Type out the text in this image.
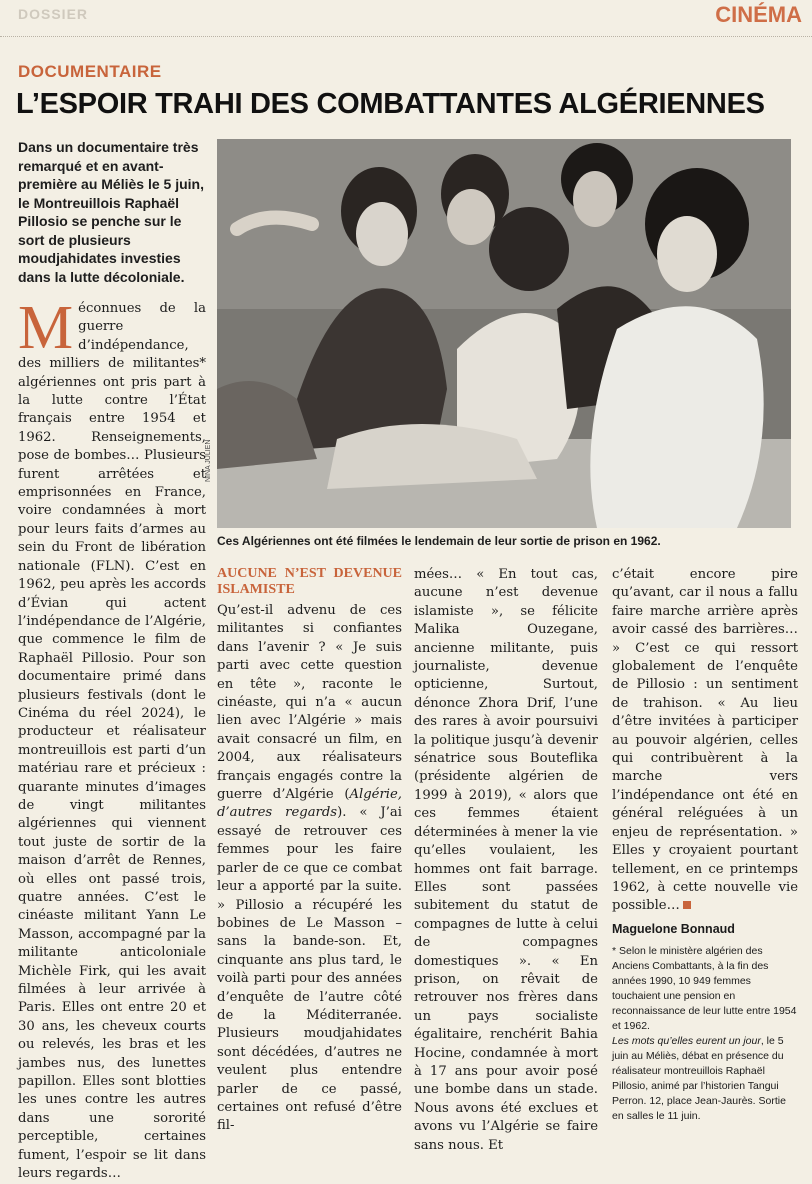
DOSSIER	CINÉMA
DOCUMENTAIRE
L’ESPOIR TRAHI DES COMBATTANTES ALGÉRIENNES
Dans un documentaire très remarqué et en avant-première au Méliès le 5 juin, le Montreuillois Raphaël Pillosio se penche sur le sort de plusieurs moudjahidates investies dans la lutte décoloniale.
NINA JULIEN
Ces Algériennes ont été filmées le lendemain de leur sortie de prison en 1962.
M éconnues de la guerre d’indépendance, des milliers de militantes* algériennes ont pris part à la lutte contre l’État français entre 1954 et 1962. Renseignements, pose de bombes… Plusieurs furent arrêtées et emprisonnées en France, voire condamnées à mort pour leurs faits d’armes au sein du Front de libération nationale (FLN). C’est en 1962, peu après les accords d’Évian qui actent l’indépendance de l’Algérie, que commence le film de Raphaël Pillosio. Pour son documentaire primé dans plusieurs festivals (dont le Cinéma du réel 2024), le producteur et réalisateur montreuillois est parti d’un matériau rare et précieux : quarante minutes d’images de vingt militantes algériennes qui viennent tout juste de sortir de la maison d’arrêt de Rennes, où elles ont passé trois, quatre années. C’est le cinéaste militant Yann Le Masson, accompagné par la militante anticoloniale Michèle Firk, qui les avait filmées à leur arrivée à Paris. Elles ont entre 20 et 30 ans, les cheveux courts ou relevés, les bras et les jambes nus, des lunettes papillon. Elles sont blotties les unes contre les autres dans une sororité perceptible, certaines fument, l’espoir se lit dans leurs regards…
AUCUNE N’EST DEVENUE ISLAMISTE

Qu’est-il advenu de ces militantes si confiantes dans l’avenir ? « Je suis parti avec cette question en tête », raconte le cinéaste, qui n’a « aucun lien avec l’Algérie » mais avait consacré un film, en 2004, aux réalisateurs français engagés contre la guerre d’Algérie (Algérie, d’autres regards). « J’ai essayé de retrouver ces femmes pour les faire parler de ce que ce combat leur a apporté par la suite. » Pillosio a récupéré les bobines de Le Masson – sans la bande-son. Et, cinquante ans plus tard, le voilà parti pour des années d’enquête de l’autre côté de la Méditerranée. Plusieurs moudjahidates sont décédées, d’autres ne veulent plus entendre parler de ce passé, certaines ont refusé d’être fil-

mées… « En tout cas, aucune n’est devenue islamiste », se félicite Malika Ouzegane, ancienne militante, puis journaliste, devenue opticienne, Surtout, dénonce Zhora Drif, l’une des rares à avoir poursuivi la politique jusqu’à devenir sénatrice sous Bouteflika (présidente algérien de 1999 à 2019), « alors que ces femmes étaient déterminées à mener la vie qu’elles voulaient, les hommes ont fait barrage. Elles sont passées subitement du statut de compagnes de lutte à celui de compagnes domestiques ». « En prison, on rêvait de retrouver nos frères dans un pays socialiste égalitaire, renchérit Bahia Hocine, condamnée à mort à 17 ans pour avoir posé une bombe dans un stade. Nous avons été exclues et avons vu l’Algérie se faire sans nous. Et

c’était encore pire qu’avant, car il nous a fallu faire marche arrière après avoir cassé des barrières… » C’est ce qui ressort globalement de l’enquête de Pillosio : un sentiment de trahison. « Au lieu d’être invitées à participer au pouvoir algérien, celles qui contribuèrent à la marche vers l’indépendance ont été en général reléguées à un enjeu de représentation. » Elles y croyaient pourtant tellement, en ce printemps 1962, à cette nouvelle vie possible…

Maguelone Bonnaud
* Selon le ministère algérien des Anciens Combattants, à la fin des années 1990, 10 949 femmes touchaient une pension en reconnaissance de leur lutte entre 1954 et 1962.
Les mots qu’elles eurent un jour, le 5 juin au Méliès, débat en présence du réalisateur montreuillois Raphaël Pillosio, animé par l’historien Tangui Perron. 12, place Jean-Jaurès. Sortie en salles le 11 juin.
